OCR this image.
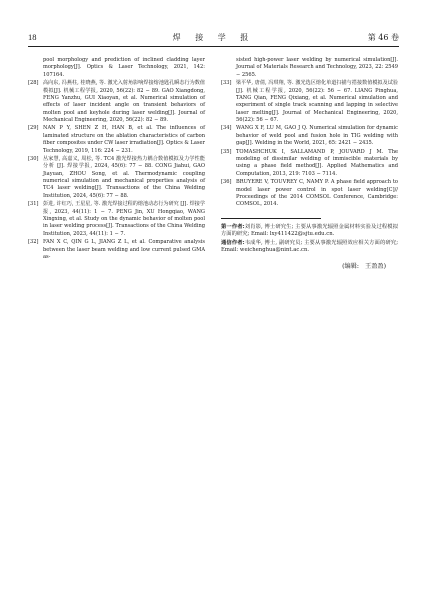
18	焊 接 学 报	第 46 卷
pool morphology and prediction of inclined cladding layer morphology[J]. Optics & Laser Technology, 2021, 142: 107164.
[28] 高向东, 冯燕柱, 桂晓燕, 等. 激光入射角影响焊接熔池匙孔瞬态行为数值模拟[J]. 机械工程学报, 2020, 56(22): 82 − 89. GAO Xiangdong, FENG Yanzhu, GUI Xiaoyan, et al. Numerical simulation of effects of laser incident angle on transient behaviors of molten pool and keyhole during laser welding[J]. Journal of Mechanical Engineering, 2020, 56(22): 82 − 89.
[29] NAN P Y, SHEN Z H, HAN B, et al. The influences of laminated structure on the ablation characteristics of carbon fiber composites under CW laser irradiation[J]. Optics & Laser Technology, 2019, 116: 224 − 231.
[30] 丛家慧, 高嘉义, 周松, 等. TC4 激光焊接热力耦合数值模拟及力学性能分析 [J]. 焊接学报, 2024, 45(6): 77 − 88. CONG Jiahui, GAO Jiayuan, ZHOU Song, et al. Thermodynamic coupling numerical simulation and mechanical properties analysis of TC4 laser welding[J]. Transactions of the China Welding Institution, 2024, 45(6): 77 − 88.
[31] 彭进, 许红巧, 王星星, 等. 激光焊接过程的熔池动态行为研究 [J]. 焊接学报, 2023, 44(11): 1 − 7. PENG Jin, XU Hongqiao, WANG Xingxing, et al. Study on the dynamic behavior of molten pool in laser welding process[J]. Transactions of the China Welding Institution, 2023, 44(11): 1 − 7.
[32] FAN X C, QIN G L, JIANG Z L, et al. Comparative analysis between the laser beam welding and low current pulsed GMA as-
sisted high-power laser welding by numerical simulation[J]. Journal of Materials Research and Technology, 2023, 22: 2549 − 2565.
[33] 梁平华, 唐倩, 冯琪翔, 等. 激光选区熔化单道扫描与搭接数值模拟及试验 [J]. 机械工程学报, 2020, 56(22): 56 − 67. LIANG Pinghua, TANG Qian, FENG Qixiang, et al. Numerical simulation and experiment of single track scanning and lapping in selective laser melting[J]. Journal of Mechanical Engineering, 2020, 56(22): 56 − 67.
[34] WANG X F, LU M, GAO J Q. Numerical simulation for dynamic behavior of weld pool and fusion hole in TIG welding with gap[J]. Welding in the World, 2021, 65: 2421 − 2435.
[35] TOMASHCHUK I, SALLAMAND P, JOUVARD J M. The modeling of dissimilar welding of immiscible materials by using a phase field method[J]. Applied Mathematics and Computation, 2013, 219: 7103 − 7114.
[36] BRUYERE V, TOUVREY C, NAMY P. A phase field approach to model laser power control in spot laser welding[C]// Proceedings of the 2014 COMSOL Conference, Cambridge: COMSOL, 2014.
第一作者:刘肖影, 博士研究生; 主要从事激光辐照金属材料实验及过程模拟方面的研究; Email: lxy411422@sjtu.edu.cn.
通信作者:韦成华, 博士, 副研究员; 主要从事激光辐照效应相关方面的研究; Email: weichenghua@nint.ac.cn.
(编辑: 王盈盈)
